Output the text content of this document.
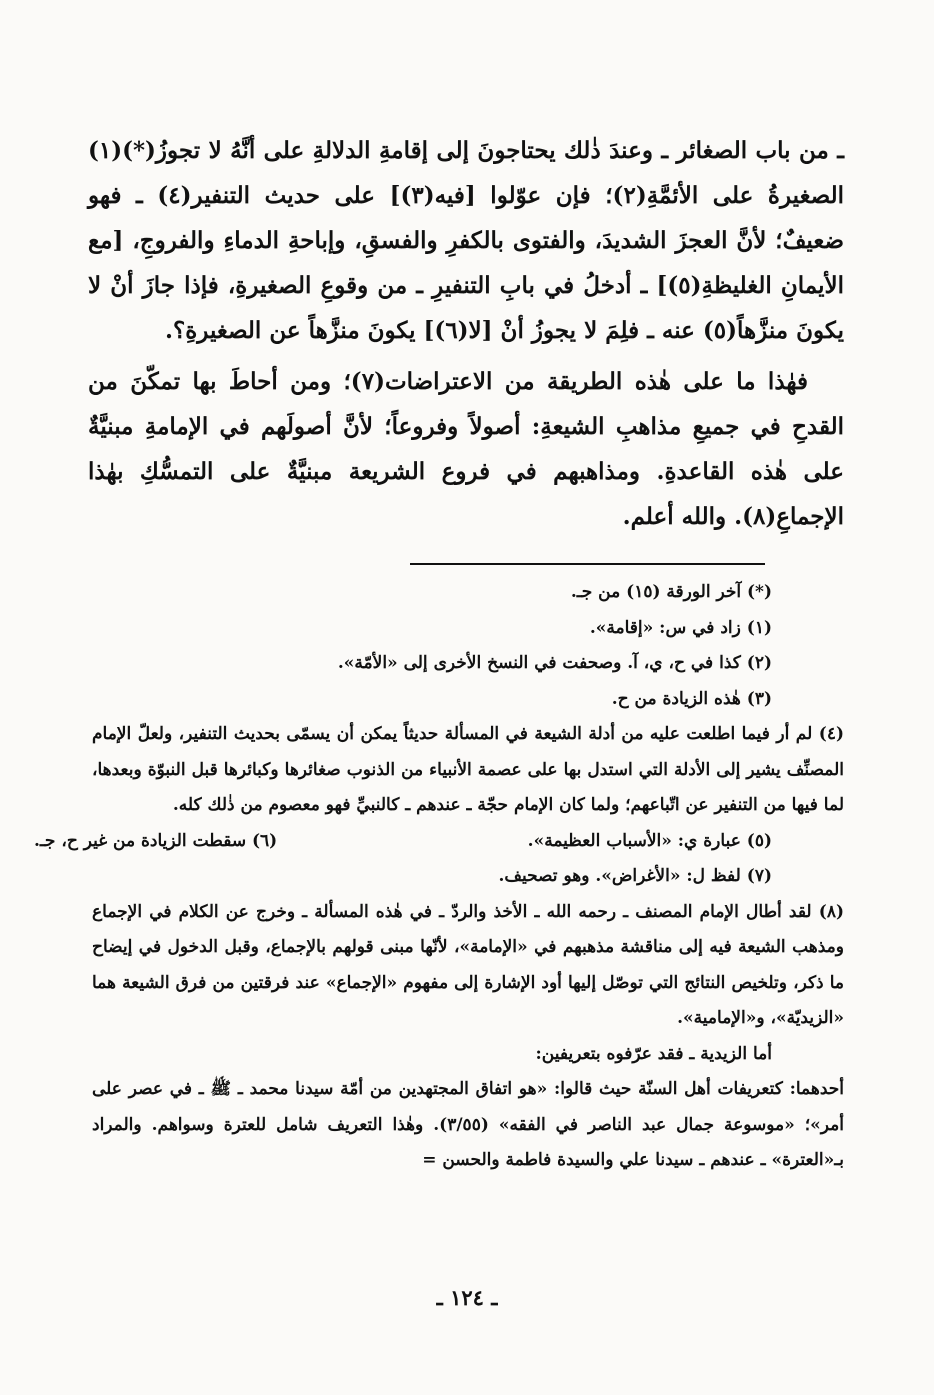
ـ من باب الصغائر ـ وعندَ ذٰلك يحتاجونَ إلى إقامةِ الدلالةِ على أنَّهُ لا تجوزُ(*)(١) الصغيرةُ على الأئمَّةِ(٢)؛ فإن عوّلوا [فيه(٣)] على حديث التنفير(٤) ـ فهو ضعيفٌ؛ لأنَّ العجزَ الشديدَ، والفتوى بالكفرِ والفسقِ، وإباحةِ الدماءِ والفروجِ، [مع الأيمانِ الغليظةِ(٥)] ـ أدخلُ في بابِ التنفيرِ ـ من وقوعِ الصغيرةِ، فإذا جازَ أنْ لا يكونَ منزَّهاً(٥) عنه ـ فلِمَ لا يجوزُ أنْ [لا(٦)] يكونَ منزَّهاً عن الصغيرةِ؟.

فهٰذا ما على هٰذه الطريقة من الاعتراضات(٧)؛ ومن أحاطَ بها تمكّنَ من القدحِ في جميعِ مذاهبِ الشيعةِ: أصولاً وفروعاً؛ لأنَّ أصولَهم في الإمامةِ مبنيَّةٌ على هٰذه القاعدةِ. ومذاهبهم في فروع الشريعة مبنيَّةٌ على التمسُّكِ بهٰذا الإجماعِ(٨). والله أعلم.

(*) آخر الورقة (١٥) من جـ.

(١) زاد في س: «إقامة».

(٢) كذا في ح، ي، آ. وصحفت في النسخ الأخرى إلى «الأمّة».

(٣) هٰذه الزيادة من ح.

(٤) لم أر فيما اطلعت عليه من أدلة الشيعة في المسألة حديثاً يمكن أن يسمّى بحديث التنفير، ولعلّ الإمام المصنِّف يشير إلى الأدلة التي استدل بها على عصمة الأنبياء من الذنوب صغائرها وكبائرها قبل النبوّة وبعدها، لما فيها من التنفير عن اتّباعهم؛ ولما كان الإمام حجّة ـ عندهم ـ كالنبيِّ فهو معصوم من ذٰلك كله.

(٥) عبارة ي: «الأسباب العظيمة».
(٦) سقطت الزيادة من غير ح، جـ.

(٧) لفظ ل: «الأغراض». وهو تصحيف.

(٨) لقد أطال الإمام المصنف ـ رحمه الله ـ الأخذ والردّ ـ في هٰذه المسألة ـ وخرج عن الكلام في الإجماع ومذهب الشيعة فيه إلى مناقشة مذهبهم في «الإمامة»، لأنّها مبنى قولهم بالإجماع، وقبل الدخول في إيضاح ما ذكر، وتلخيص النتائج التي توصّل إليها أود الإشارة إلى مفهوم «الإجماع» عند فرقتين من فرق الشيعة هما «الزيديّة»، و«الإمامية».

أما الزيدية ـ فقد عرّفوه بتعريفين:

أحدهما: كتعريفات أهل السنّة حيث قالوا: «هو اتفاق المجتهدين من أمّة سيدنا محمد ـ ﷺ ـ في عصر على أمر»؛ «موسوعة جمال عبد الناصر في الفقه» (٣/٥٥). وهٰذا التعريف شامل للعترة وسواهم. والمراد بـ«العترة» ـ عندهم ـ سيدنا علي والسيدة فاطمة والحسن =

ـ ١٢٤ ـ
